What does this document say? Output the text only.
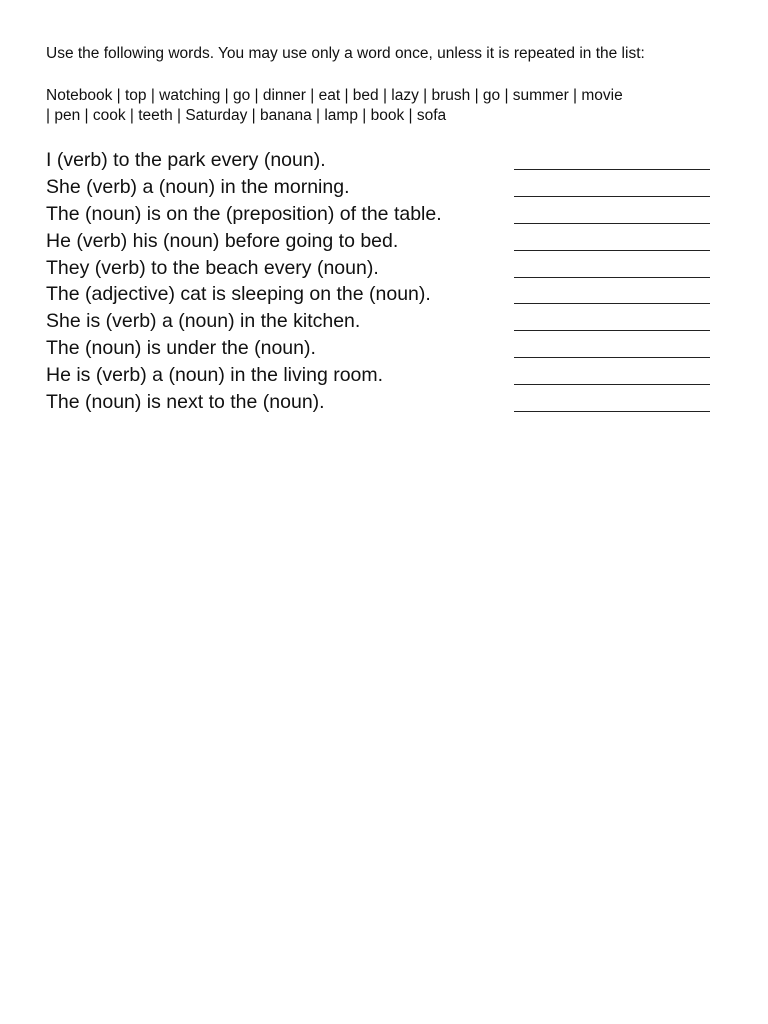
Use the following words. You may use only a word once, unless it is repeated in the list:

Notebook | top | watching | go | dinner | eat | bed | lazy | brush | go | summer | movie
| pen | cook | teeth | Saturday | banana | lamp | book | sofa

I (verb) to the park every (noun).
She (verb) a (noun) in the morning.
The (noun) is on the (preposition) of the table.
He (verb) his (noun) before going to bed.
They (verb) to the beach every (noun).
The (adjective) cat is sleeping on the (noun).
She is (verb) a (noun) in the kitchen.
The (noun) is under the (noun).
He is (verb) a (noun) in the living room.
The (noun) is next to the (noun).
